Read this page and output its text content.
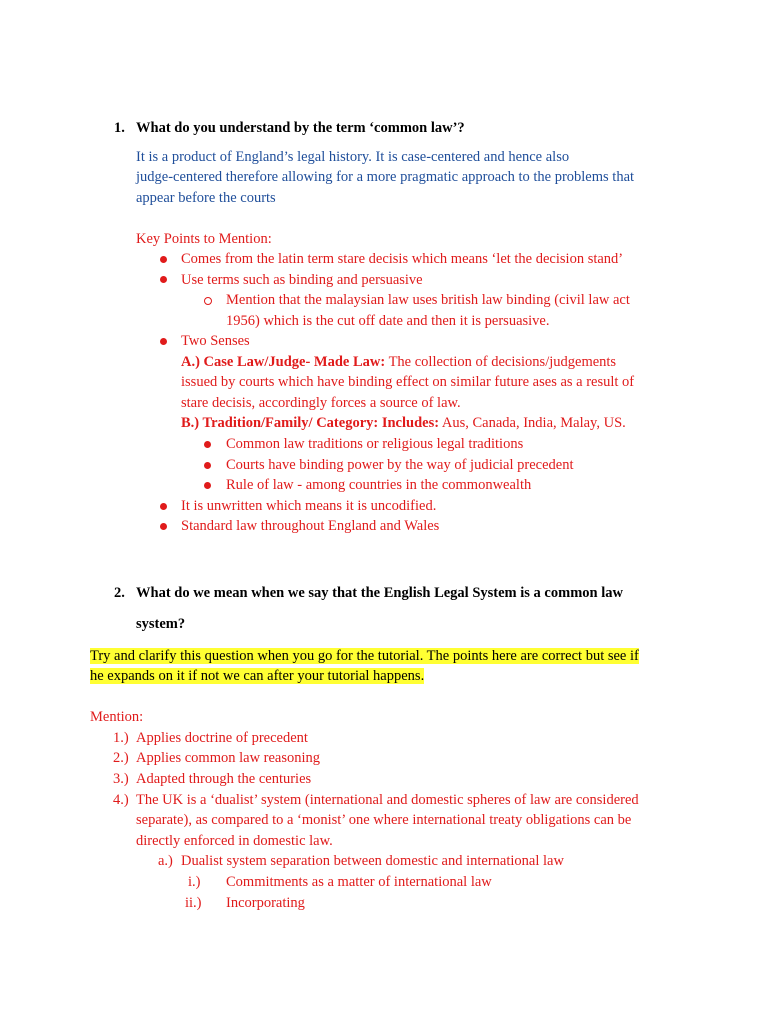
1. What do you understand by the term ‘common law’?
It is a product of England’s legal history. It is case-centered and hence also
judge-centered therefore allowing for a more pragmatic approach to the problems that
appear before the courts
Key Points to Mention:
Comes from the latin term stare decisis which means ‘let the decision stand’
Use terms such as binding and persuasive
Mention that the malaysian law uses british law binding (civil law act
1956) which is the cut off date and then it is persuasive.
Two Senses
A.) Case Law/Judge- Made Law: The collection of decisions/judgements
issued by courts which have binding effect on similar future ases as a result of
stare decisis, accordingly forces a source of law.
B.) Tradition/Family/ Category: Includes: Aus, Canada, India, Malay, US.
Common law traditions or religious legal traditions
Courts have binding power by the way of judicial precedent
Rule of law - among countries in the commonwealth
It is unwritten which means it is uncodified.
Standard law throughout England and Wales
2. What do we mean when we say that the English Legal System is a common law
system?
Try and clarify this question when you go for the tutorial. The points here are correct but see if
he expands on it if not we can after your tutorial happens.
Mention:
1.) Applies doctrine of precedent
2.) Applies common law reasoning
3.) Adapted through the centuries
4.) The UK is a ‘dualist’ system (international and domestic spheres of law are considered
separate), as compared to a ‘monist’ one where international treaty obligations can be
directly enforced in domestic law.
a.) Dualist system separation between domestic and international law
i.) Commitments as a matter of international law
ii.) Incorporating
